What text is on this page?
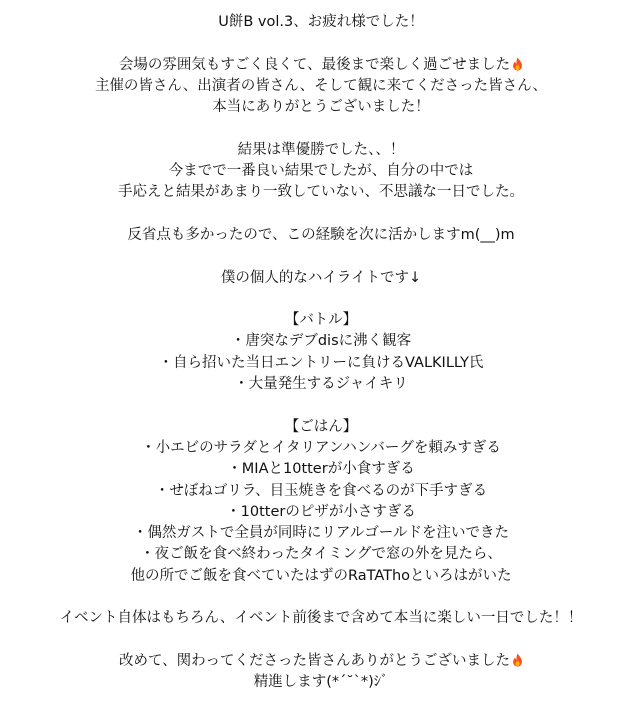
U餅B vol.3、お疲れ様でした！
会場の雰囲気もすごく良くて、最後まで楽しく過ごせました
主催の皆さん、出演者の皆さん、そして観に来てくださった皆さん、
本当にありがとうございました！
結果は準優勝でした、、！
今までで一番良い結果でしたが、自分の中では
手応えと結果があまり一致していない、不思議な一日でした。
反省点も多かったので、この経験を次に活かしますm(__)m
僕の個人的なハイライトです↓
【バトル】
・唐突なデブdisに沸く観客
・自ら招いた当日エントリーに負けるVALKILLY氏
・大量発生するジャイキリ
【ごはん】
・小エビのサラダとイタリアンハンバーグを頼みすぎる
・MIAと10tterが小食すぎる
・せぼねゴリラ、目玉焼きを食べるのが下手すぎる
・10tterのピザが小さすぎる
・偶然ガストで全員が同時にリアルゴールドを注いできた
・夜ご飯を食べ終わったタイミングで窓の外を見たら、
他の所でご飯を食べていたはずのRaTAThoといろはがいた
イベント自体はもちろん、イベント前後まで含めて本当に楽しい一日でした！！
改めて、関わってくださった皆さんありがとうございました
精進します(*ˊ˘ˋ*)ｼﾞ
